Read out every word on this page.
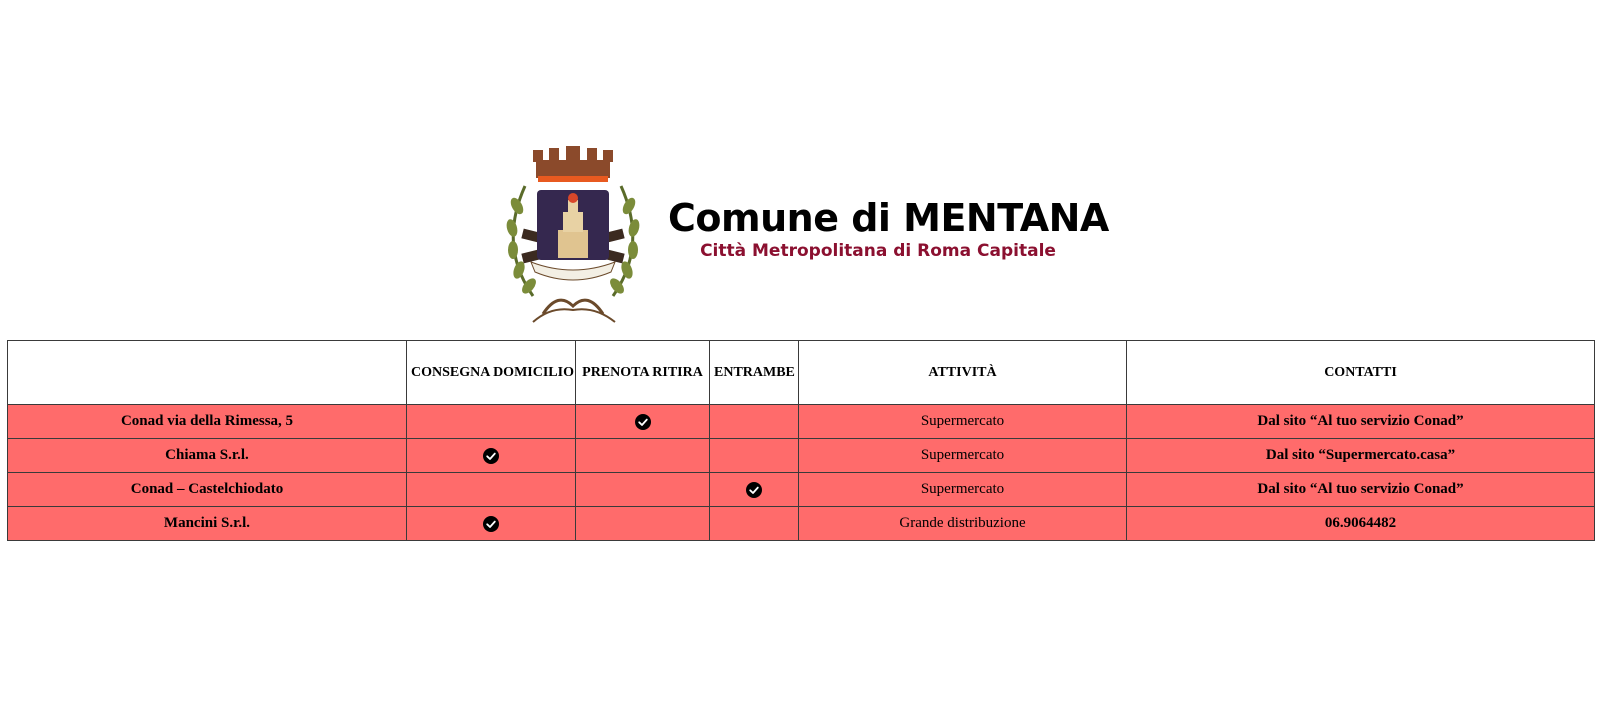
Comune di MENTANA
Città Metropolitana di Roma Capitale
	CONSEGNA DOMICILIO	PRENOTA RITIRA	ENTRAMBE	ATTIVITÀ	CONTATTI
Conad via della Rimessa, 5				Supermercato	Dal sito “Al tuo servizio Conad”
Chiama S.r.l.				Supermercato	Dal sito “Supermercato.casa”
Conad – Castelchiodato				Supermercato	Dal sito “Al tuo servizio Conad”
Mancini S.r.l.				Grande distribuzione	06.9064482
